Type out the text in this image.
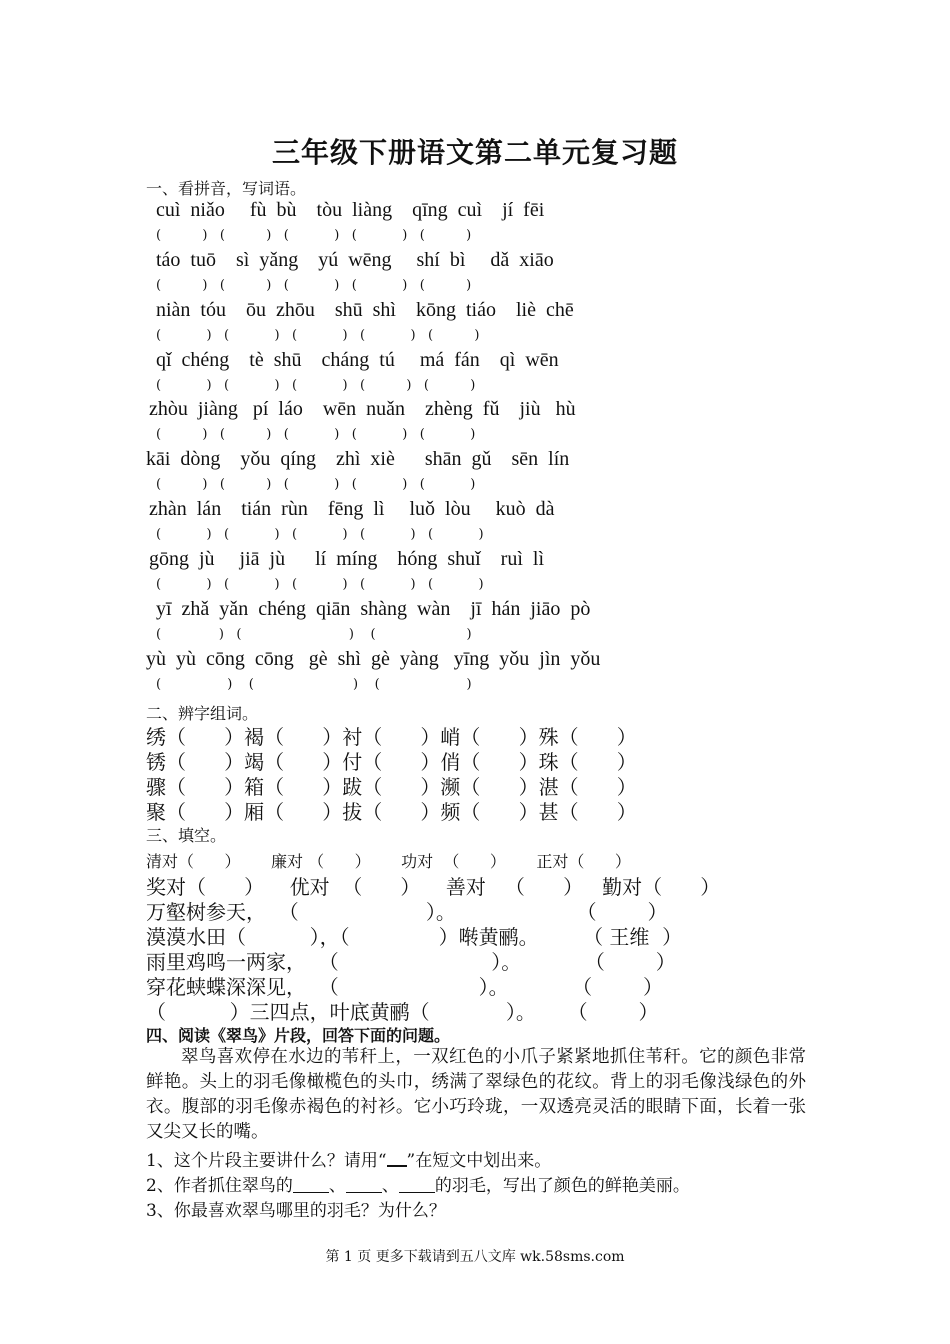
三年级下册语文第二单元复习题
一、看拼音，写词语。
cuì  niǎo     fù  bù    tòu  liàng    qīng  cuì    jí  fēi
(          )   (          )   (           )   (           )   (          )
táo  tuō    sì  yǎng    yú  wēng     shí  bì     dǎ  xiāo
(          )   (          )   (           )   (           )   (          )
niàn  tóu    ōu  zhōu    shū  shì    kōng  tiáo    liè  chē
(           )   (           )   (           )   (           )   (          )
qǐ  chéng    tè  shū    cháng  tú     má  fán    qì  wēn
(           )   (           )   (           )   (          )   (          )
zhòu  jiàng   pí  láo    wēn  nuǎn    zhèng  fǔ    jiù   hù
(          )   (          )   (           )   (           )   (           )
kāi  dòng    yǒu  qíng    zhì  xiè      shān  gǔ    sēn  lín
(          )   (          )   (           )   (           )   (           )
zhàn  lán    tián  rùn    fēng  lì     luǒ  lòu     kuò  dà
(           )   (           )   (           )   (           )   (           )
gōng  jù     jiā  jù      lí  míng    hóng  shuǐ    ruì  lì
(           )   (           )   (           )   (           )   (           )
yī  zhǎ  yǎn  chéng  qiān  shàng  wàn    jī  hán  jiāo  pò
(              )   (                          )    (                      )
yù  yù  cōng  cōng   gè  shì  gè  yàng   yīng  yǒu  jìn  yǒu
(                )    (                        )    (                     )
二、辨字组词。
绣（      ）褐（      ）衬（      ）峭（      ）殊（      ）
锈（      ）竭（      ）付（      ）俏（      ）珠（      ）
骤（      ）箱（      ）跋（      ）濒（      ）湛（      ）
聚（      ）厢（      ）拔（      ）频（      ）甚（      ）
三、填空。
清对（      ）      廉对 （      ）      功对  （      ）      正对（      ）
奖对（      ）    优对  （      ）    善对   （      ）   勤对（      ）
万壑树参天，  （                    ）。                   （        ）
漠漠水田（          ），（              ）啭黄鹂。       （ 王维  ）
雨里鸡鸣一两家，  （                        ）。          （        ）
穿花蛱蝶深深见，  （                      ）。          （        ）
（          ）三四点，叶底黄鹂（            ）。     （        ）
四、阅读《翠鸟》片段，回答下面的问题。
翠鸟喜欢停在水边的苇秆上，一双红色的小爪子紧紧地抓住苇秆。它的颜色非常鲜艳。头上的羽毛像橄榄色的头巾，绣满了翠绿色的花纹。背上的羽毛像浅绿色的外衣。腹部的羽毛像赤褐色的衬衫。它小巧玲珑，一双透亮灵活的眼睛下面，长着一张又尖又长的嘴。
1、这个片段主要讲什么？请用“ ”在短文中划出来。
2、作者抓住翠鸟的 、 、 的羽毛，写出了颜色的鲜艳美丽。
3、你最喜欢翠鸟哪里的羽毛？为什么？
第 1 页 更多下载请到五八文库 wk.58sms.com
